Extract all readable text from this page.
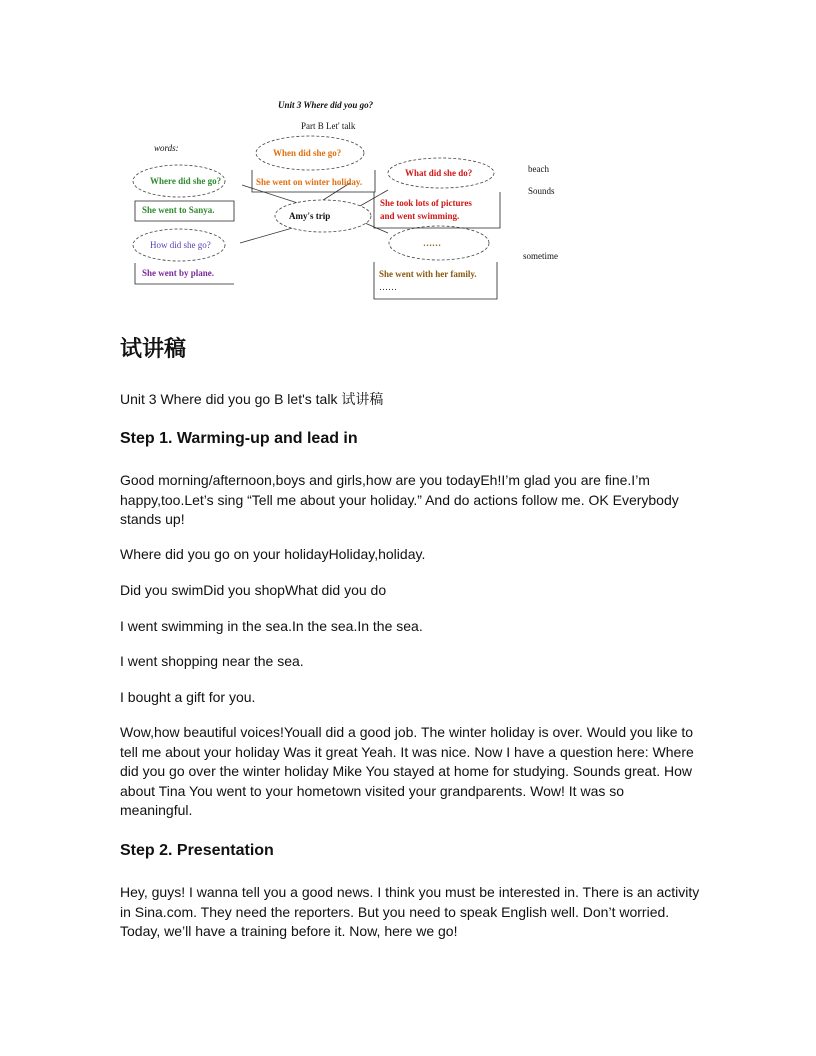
Unit 3 Where did you go?
Part B Let' talk
words:	When did she go?
She went on winter holiday.
Where did she go?
She went to Sanya.
How did she go?
She went by plane.
What did she do?
She took lots of pictures
and went swimming.
……
She went with her family.
……
Amy's trip
beach
Sounds
sometime
试讲稿
Unit 3 Where did you go B let's talk 试讲稿
Step 1. Warming-up and lead in

Good morning/afternoon,boys and girls,how are you todayEh!I’m glad you are fine.I’m happy,too.Let’s sing “Tell me about your holiday.” And do actions follow me. OK Everybody stands up!

Where did you go on your holidayHoliday,holiday.

Did you swimDid you shopWhat did you do

I went swimming in the sea.In the sea.In the sea.

I went shopping near the sea.

I bought a gift for you.

Wow,how beautiful voices!Youall did a good job. The winter holiday is over. Would you like to tell me about your holiday Was it great Yeah. It was nice. Now I have a question here: Where did you go over the winter holiday Mike You stayed at home for studying. Sounds great. How about Tina You went to your hometown visited your grandparents. Wow! It was so meaningful.

Step 2. Presentation

Hey, guys! I wanna tell you a good news. I think you must be interested in. There is an activity in Sina.com. They need the reporters. But you need to speak English well. Don’t worried. Today, we’ll have a training before it. Now, here we go!
